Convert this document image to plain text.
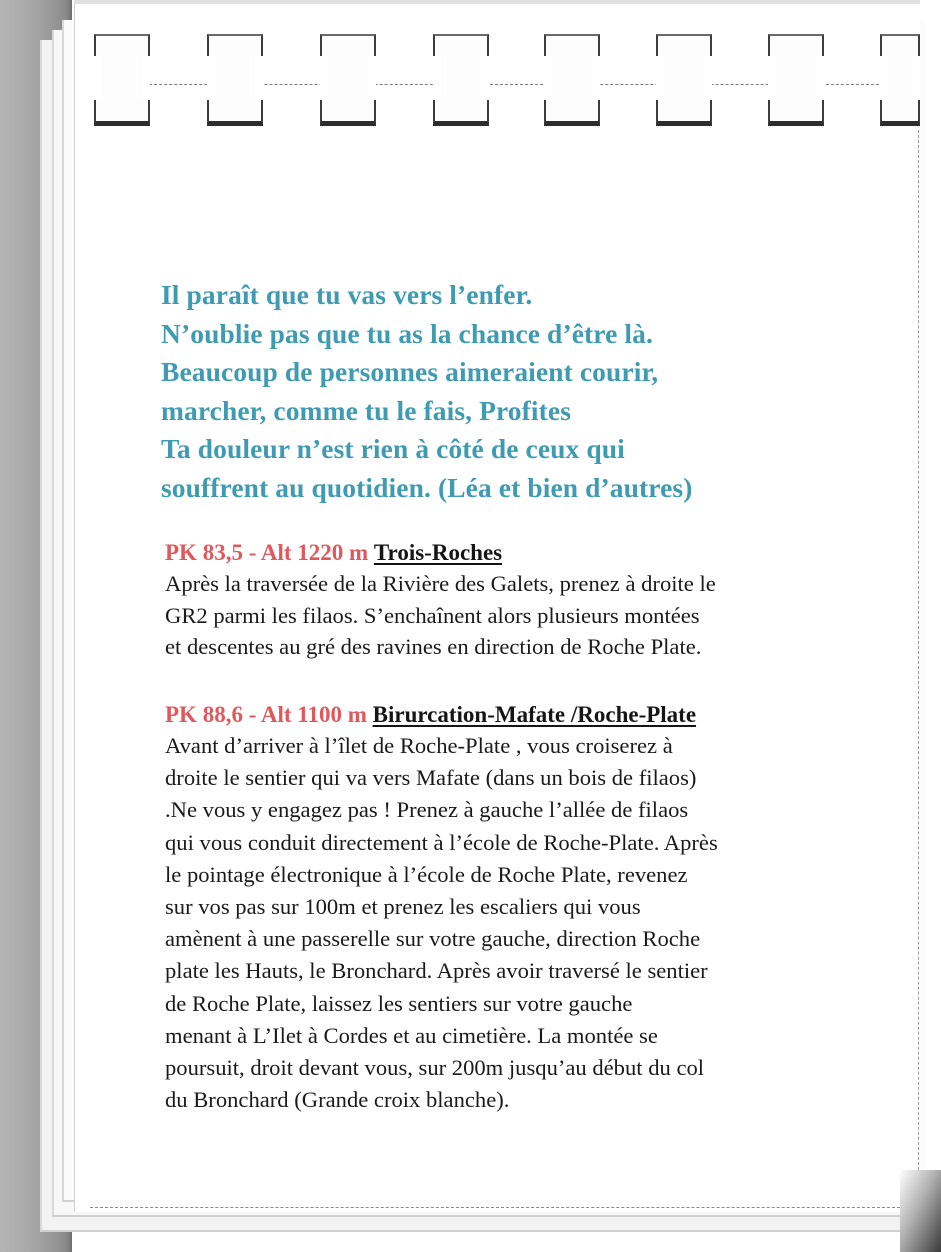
Il paraît que tu vas vers l’enfer.
N’oublie pas que tu as la chance d’être là.
Beaucoup de personnes aimeraient courir,
marcher, comme tu le fais, Profites
Ta douleur n’est rien à côté de ceux qui
souffrent au quotidien. (Léa et bien d’autres)
PK 83,5 - Alt 1220 m Trois-Roches
Après la traversée de la Rivière des Galets, prenez à droite le
GR2 parmi les filaos. S’enchaînent alors plusieurs montées
et descentes au gré des ravines en direction de Roche Plate.
PK 88,6 - Alt 1100 m Birurcation-Mafate /Roche-Plate
Avant d’arriver à l’îlet de Roche-Plate , vous croiserez à
droite le sentier qui va vers Mafate (dans un bois de filaos)
.Ne vous y engagez pas ! Prenez à gauche l’allée de filaos
qui vous conduit directement à l’école de Roche-Plate. Après
le pointage électronique à l’école de Roche Plate, revenez
sur vos pas sur 100m et prenez les escaliers qui vous
amènent à une passerelle sur votre gauche, direction Roche
plate les Hauts, le Bronchard. Après avoir traversé le sentier
de Roche Plate, laissez les sentiers sur votre gauche
menant à L’Ilet à Cordes et au cimetière. La montée se
poursuit, droit devant vous, sur 200m jusqu’au début du col
du Bronchard (Grande croix blanche).
